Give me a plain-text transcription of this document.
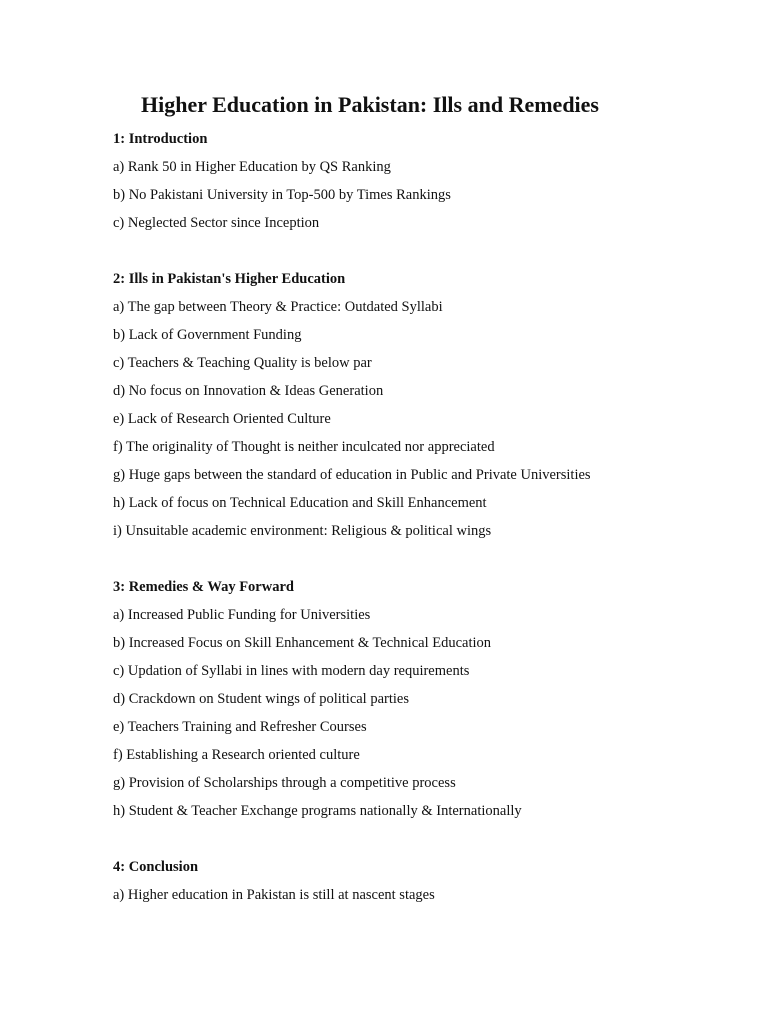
Higher Education in Pakistan: Ills and Remedies
1: Introduction
a) Rank 50 in Higher Education by QS Ranking
b) No Pakistani University in Top-500 by Times Rankings
c) Neglected Sector since Inception
2: Ills in Pakistan's Higher Education
a) The gap between Theory & Practice: Outdated Syllabi
b) Lack of Government Funding
c) Teachers & Teaching Quality is below par
d) No focus on Innovation & Ideas Generation
e) Lack of Research Oriented Culture
f) The originality of Thought is neither inculcated nor appreciated
g) Huge gaps between the standard of education in Public and Private Universities
h) Lack of focus on Technical Education and Skill Enhancement
i) Unsuitable academic environment: Religious & political wings
3: Remedies & Way Forward
a) Increased Public Funding for Universities
b) Increased Focus on Skill Enhancement & Technical Education
c) Updation of Syllabi in lines with modern day requirements
d) Crackdown on Student wings of political parties
e) Teachers Training and Refresher Courses
f) Establishing a Research oriented culture
g) Provision of Scholarships through a competitive process
h) Student & Teacher Exchange programs nationally & Internationally
4: Conclusion
a) Higher education in Pakistan is still at nascent stages
